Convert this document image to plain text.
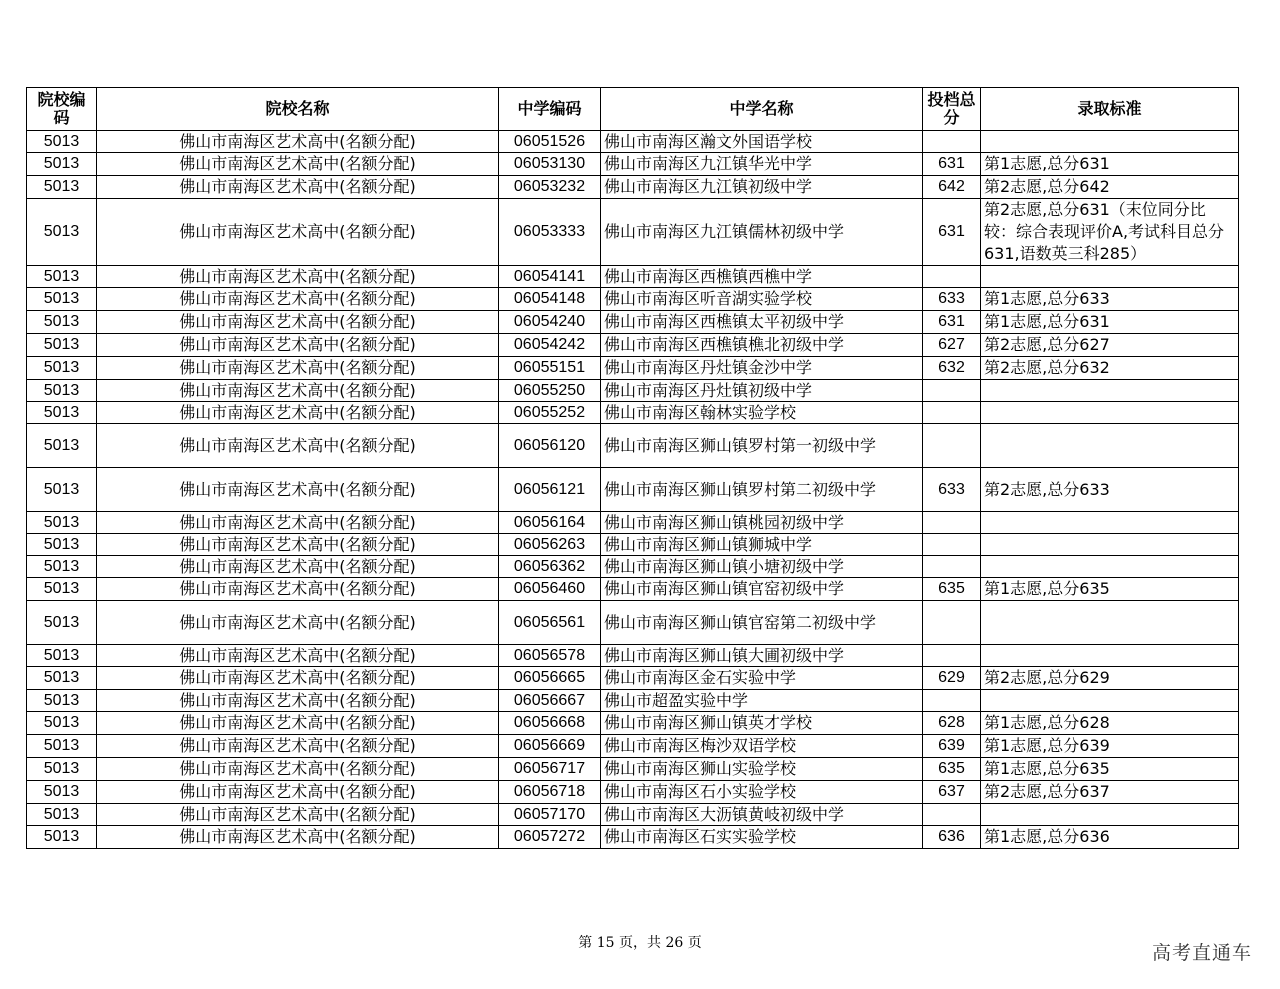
院校编码	院校名称	中学编码	中学名称	投档总分	录取标准
5013	佛山市南海区艺术高中(名额分配)	06051526	佛山市南海区瀚文外国语学校		
5013	佛山市南海区艺术高中(名额分配)	06053130	佛山市南海区九江镇华光中学	631	第1志愿,总分631
5013	佛山市南海区艺术高中(名额分配)	06053232	佛山市南海区九江镇初级中学	642	第2志愿,总分642
5013	佛山市南海区艺术高中(名额分配)	06053333	佛山市南海区九江镇儒林初级中学	631	第2志愿,总分631（末位同分比较：综合表现评价A,考试科目总分631,语数英三科285）
5013	佛山市南海区艺术高中(名额分配)	06054141	佛山市南海区西樵镇西樵中学		
5013	佛山市南海区艺术高中(名额分配)	06054148	佛山市南海区听音湖实验学校	633	第1志愿,总分633
5013	佛山市南海区艺术高中(名额分配)	06054240	佛山市南海区西樵镇太平初级中学	631	第1志愿,总分631
5013	佛山市南海区艺术高中(名额分配)	06054242	佛山市南海区西樵镇樵北初级中学	627	第2志愿,总分627
5013	佛山市南海区艺术高中(名额分配)	06055151	佛山市南海区丹灶镇金沙中学	632	第2志愿,总分632
5013	佛山市南海区艺术高中(名额分配)	06055250	佛山市南海区丹灶镇初级中学		
5013	佛山市南海区艺术高中(名额分配)	06055252	佛山市南海区翰林实验学校		
5013	佛山市南海区艺术高中(名额分配)	06056120	佛山市南海区狮山镇罗村第一初级中学		
5013	佛山市南海区艺术高中(名额分配)	06056121	佛山市南海区狮山镇罗村第二初级中学	633	第2志愿,总分633
5013	佛山市南海区艺术高中(名额分配)	06056164	佛山市南海区狮山镇桃园初级中学		
5013	佛山市南海区艺术高中(名额分配)	06056263	佛山市南海区狮山镇狮城中学		
5013	佛山市南海区艺术高中(名额分配)	06056362	佛山市南海区狮山镇小塘初级中学		
5013	佛山市南海区艺术高中(名额分配)	06056460	佛山市南海区狮山镇官窑初级中学	635	第1志愿,总分635
5013	佛山市南海区艺术高中(名额分配)	06056561	佛山市南海区狮山镇官窑第二初级中学		
5013	佛山市南海区艺术高中(名额分配)	06056578	佛山市南海区狮山镇大圃初级中学		
5013	佛山市南海区艺术高中(名额分配)	06056665	佛山市南海区金石实验中学	629	第2志愿,总分629
5013	佛山市南海区艺术高中(名额分配)	06056667	佛山市超盈实验中学		
5013	佛山市南海区艺术高中(名额分配)	06056668	佛山市南海区狮山镇英才学校	628	第1志愿,总分628
5013	佛山市南海区艺术高中(名额分配)	06056669	佛山市南海区梅沙双语学校	639	第1志愿,总分639
5013	佛山市南海区艺术高中(名额分配)	06056717	佛山市南海区狮山实验学校	635	第1志愿,总分635
5013	佛山市南海区艺术高中(名额分配)	06056718	佛山市南海区石小实验学校	637	第2志愿,总分637
5013	佛山市南海区艺术高中(名额分配)	06057170	佛山市南海区大沥镇黄岐初级中学		
5013	佛山市南海区艺术高中(名额分配)	06057272	佛山市南海区石实实验学校	636	第1志愿,总分636
第 15 页，共 26 页	高考直通车
